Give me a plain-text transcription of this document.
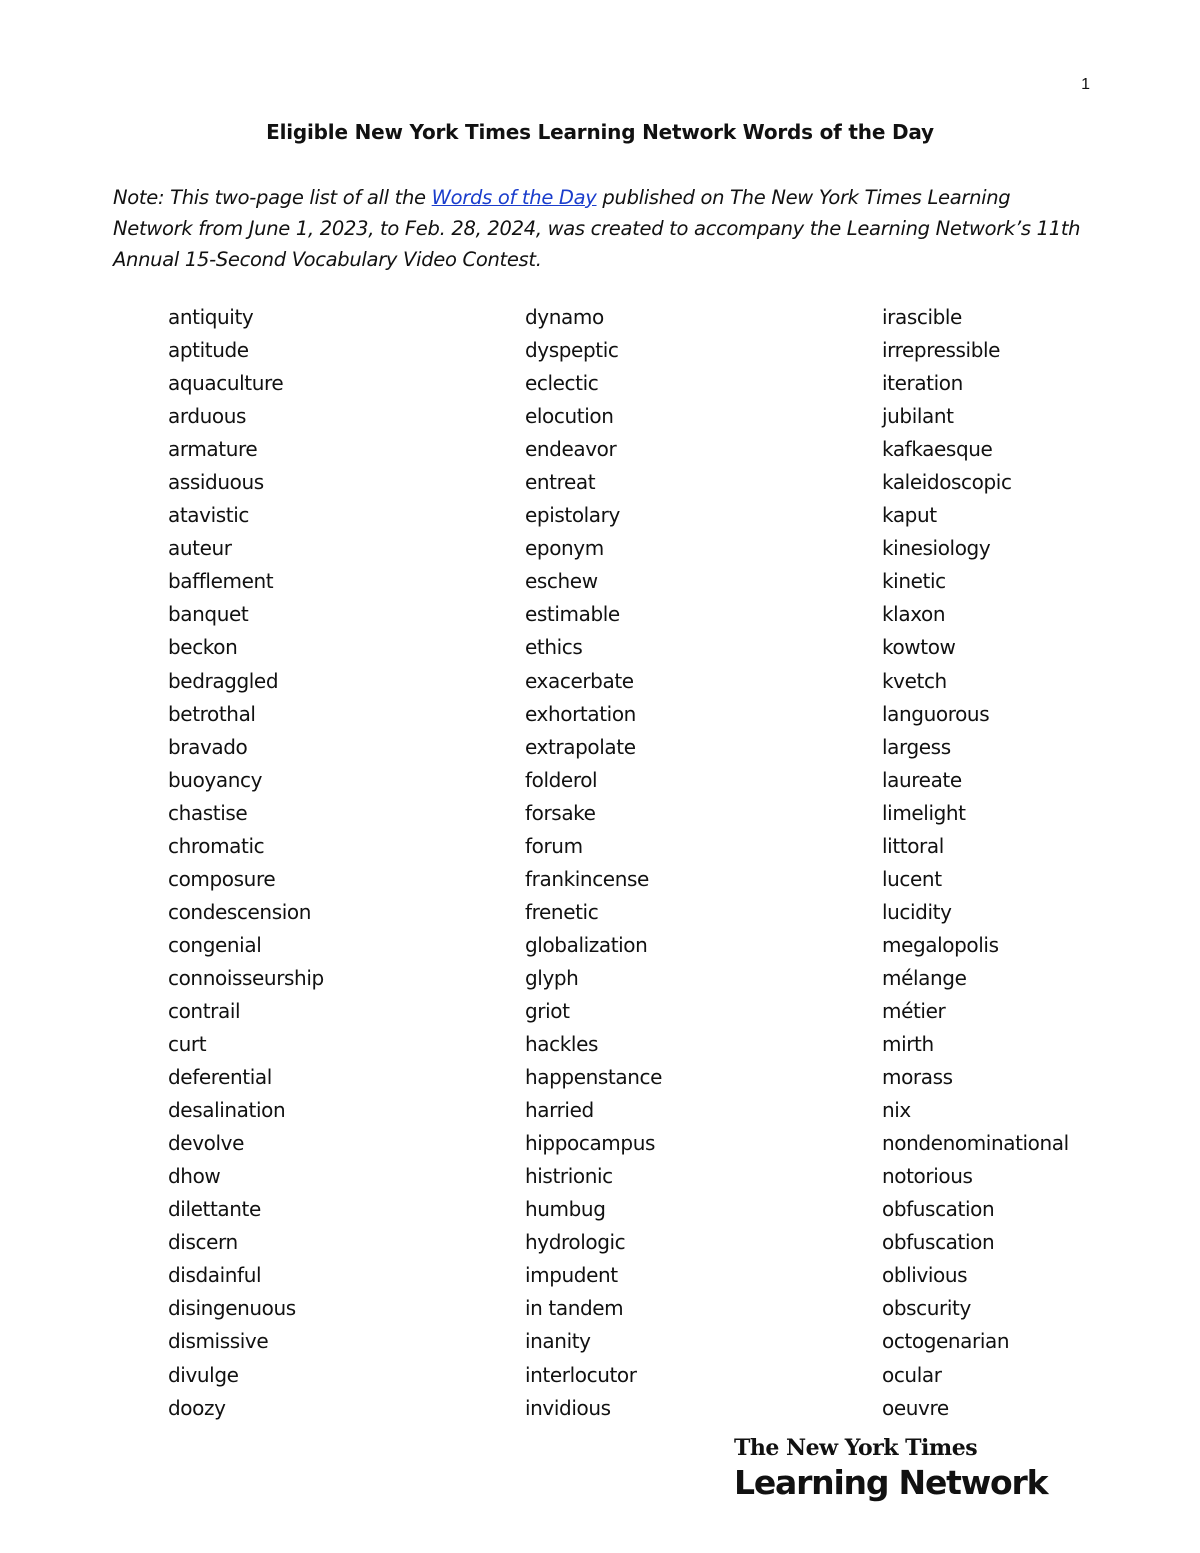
1
Eligible New York Times Learning Network Words of the Day
Note: This two-page list of all the Words of the Day published on The New York Times Learning Network from June 1, 2023, to Feb. 28, 2024, was created to accompany the Learning Network’s 11th Annual 15-Second Vocabulary Video Contest.
antiquity
aptitude
aquaculture
arduous
armature
assiduous
atavistic
auteur
bafflement
banquet
beckon
bedraggled
betrothal
bravado
buoyancy
chastise
chromatic
composure
condescension
congenial
connoisseurship
contrail
curt
deferential
desalination
devolve
dhow
dilettante
discern
disdainful
disingenuous
dismissive
divulge
doozy
dynamo
dyspeptic
eclectic
elocution
endeavor
entreat
epistolary
eponym
eschew
estimable
ethics
exacerbate
exhortation
extrapolate
folderol
forsake
forum
frankincense
frenetic
globalization
glyph
griot
hackles
happenstance
harried
hippocampus
histrionic
humbug
hydrologic
impudent
in tandem
inanity
interlocutor
invidious
irascible
irrepressible
iteration
jubilant
kafkaesque
kaleidoscopic
kaput
kinesiology
kinetic
klaxon
kowtow
kvetch
languorous
largess
laureate
limelight
littoral
lucent
lucidity
megalopolis
mélange
métier
mirth
morass
nix
nondenominational
notorious
obfuscation
obfuscation
oblivious
obscurity
octogenarian
ocular
oeuvre
The New York Times
Learning Network
